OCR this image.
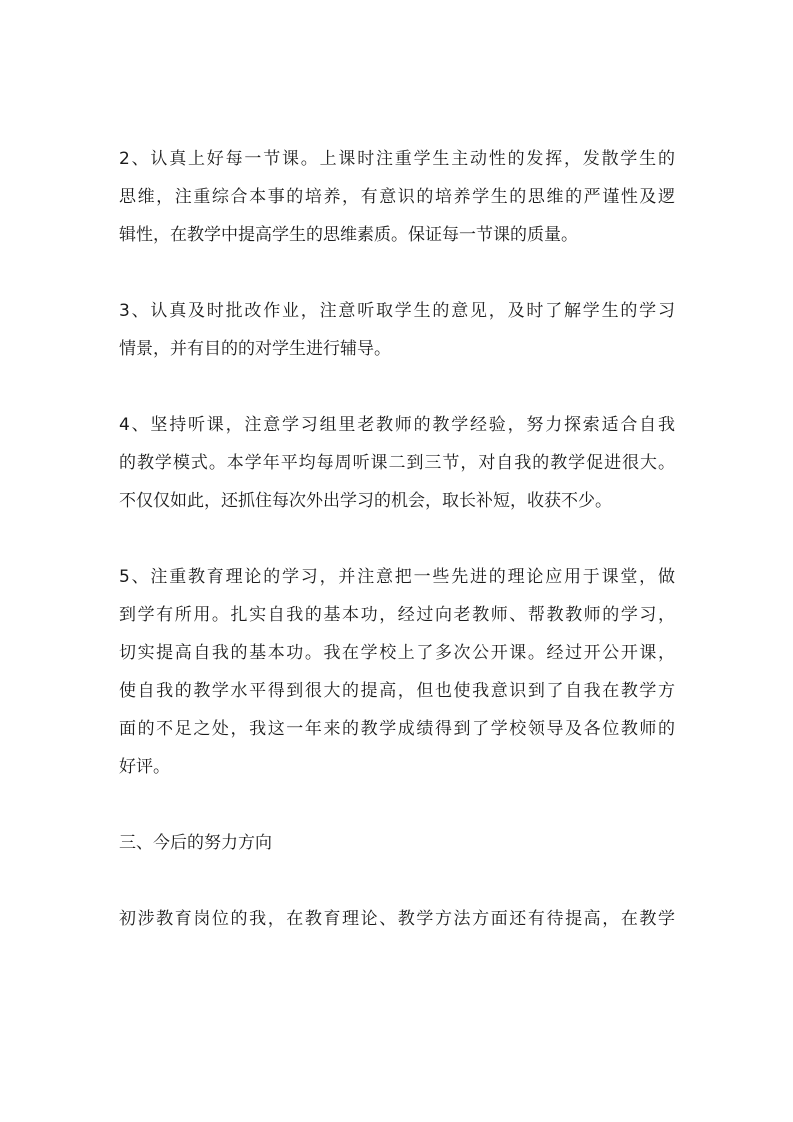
2、认真上好每一节课。上课时注重学生主动性的发挥，发散学生的
思维，注重综合本事的培养，有意识的培养学生的思维的严谨性及逻
辑性，在教学中提高学生的思维素质。保证每一节课的质量。
3、认真及时批改作业，注意听取学生的意见，及时了解学生的学习
情景，并有目的的对学生进行辅导。
4、坚持听课，注意学习组里老教师的教学经验，努力探索适合自我
的教学模式。本学年平均每周听课二到三节，对自我的教学促进很大。
不仅仅如此，还抓住每次外出学习的机会，取长补短，收获不少。
5、注重教育理论的学习，并注意把一些先进的理论应用于课堂，做
到学有所用。扎实自我的基本功，经过向老教师、帮教教师的学习，
切实提高自我的基本功。我在学校上了多次公开课。经过开公开课，
使自我的教学水平得到很大的提高，但也使我意识到了自我在教学方
面的不足之处，我这一年来的教学成绩得到了学校领导及各位教师的
好评。
三、今后的努力方向
初涉教育岗位的我，在教育理论、教学方法方面还有待提高，在教学
